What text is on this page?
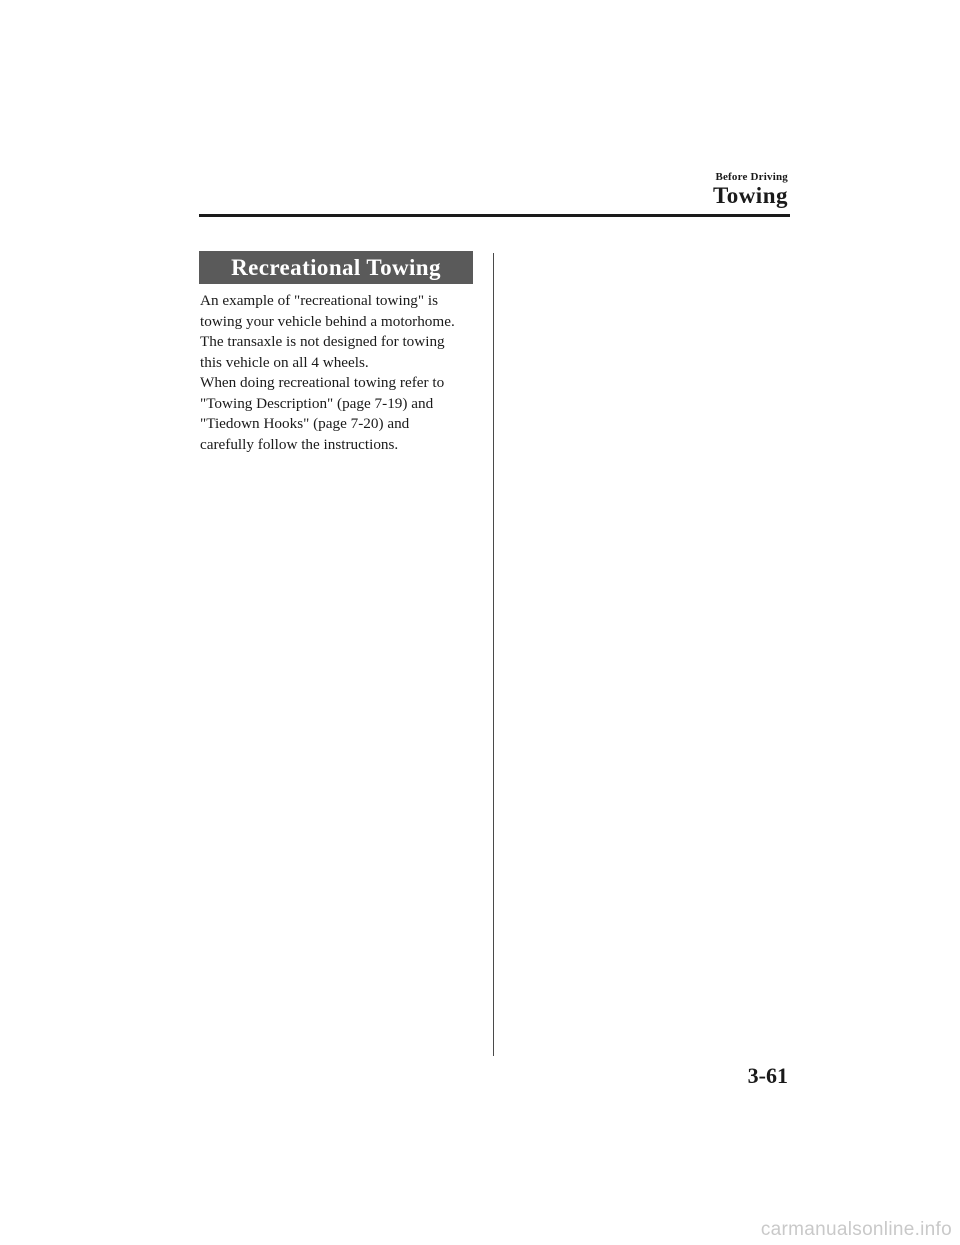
Before Driving
Towing
Recreational Towing

An example of "recreational towing" is
towing your vehicle behind a motorhome.
The transaxle is not designed for towing
this vehicle on all 4 wheels.
When doing recreational towing refer to
"Towing Description" (page 7-19) and
"Tiedown Hooks" (page 7-20) and
carefully follow the instructions.

3-61
carmanualsonline.info
